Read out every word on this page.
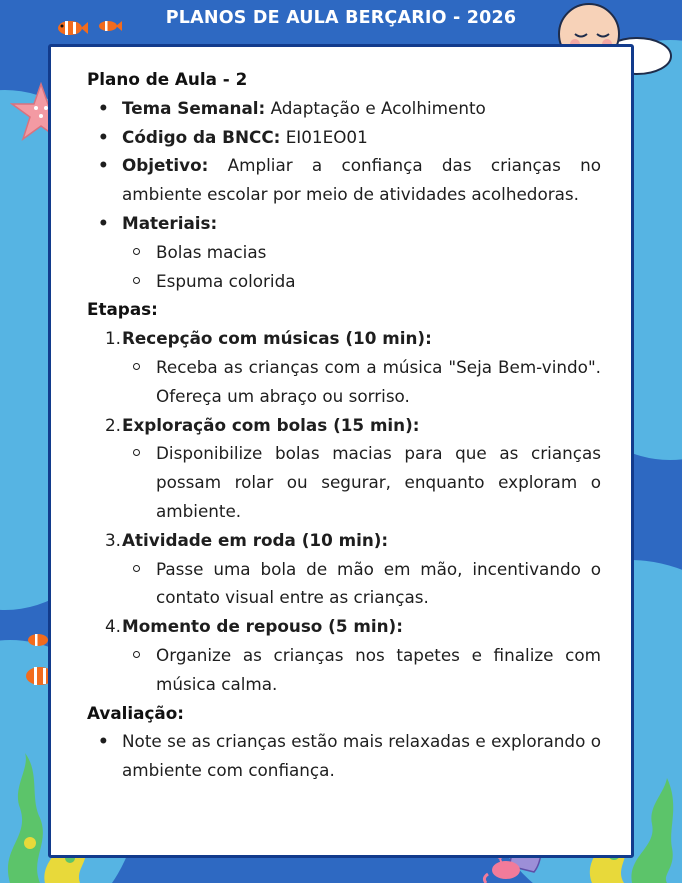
PLANOS DE AULA BERÇARIO - 2026
Plano de Aula - 2
• Tema Semanal: Adaptação e Acolhimento
• Código da BNCC: EI01EO01
• Objetivo: Ampliar a confiança das crianças no ambiente escolar por meio de atividades acolhedoras.
• Materiais:
Bolas macias
Espuma colorida
Etapas:
1. Recepção com músicas (10 min):
Receba as crianças com a música "Seja Bem-vindo". Ofereça um abraço ou sorriso.
2. Exploração com bolas (15 min):
Disponibilize bolas macias para que as crianças possam rolar ou segurar, enquanto exploram o ambiente.
3. Atividade em roda (10 min):
Passe uma bola de mão em mão, incentivando o contato visual entre as crianças.
4. Momento de repouso (5 min):
Organize as crianças nos tapetes e finalize com música calma.
Avaliação:
• Note se as crianças estão mais relaxadas e explorando o ambiente com confiança.
